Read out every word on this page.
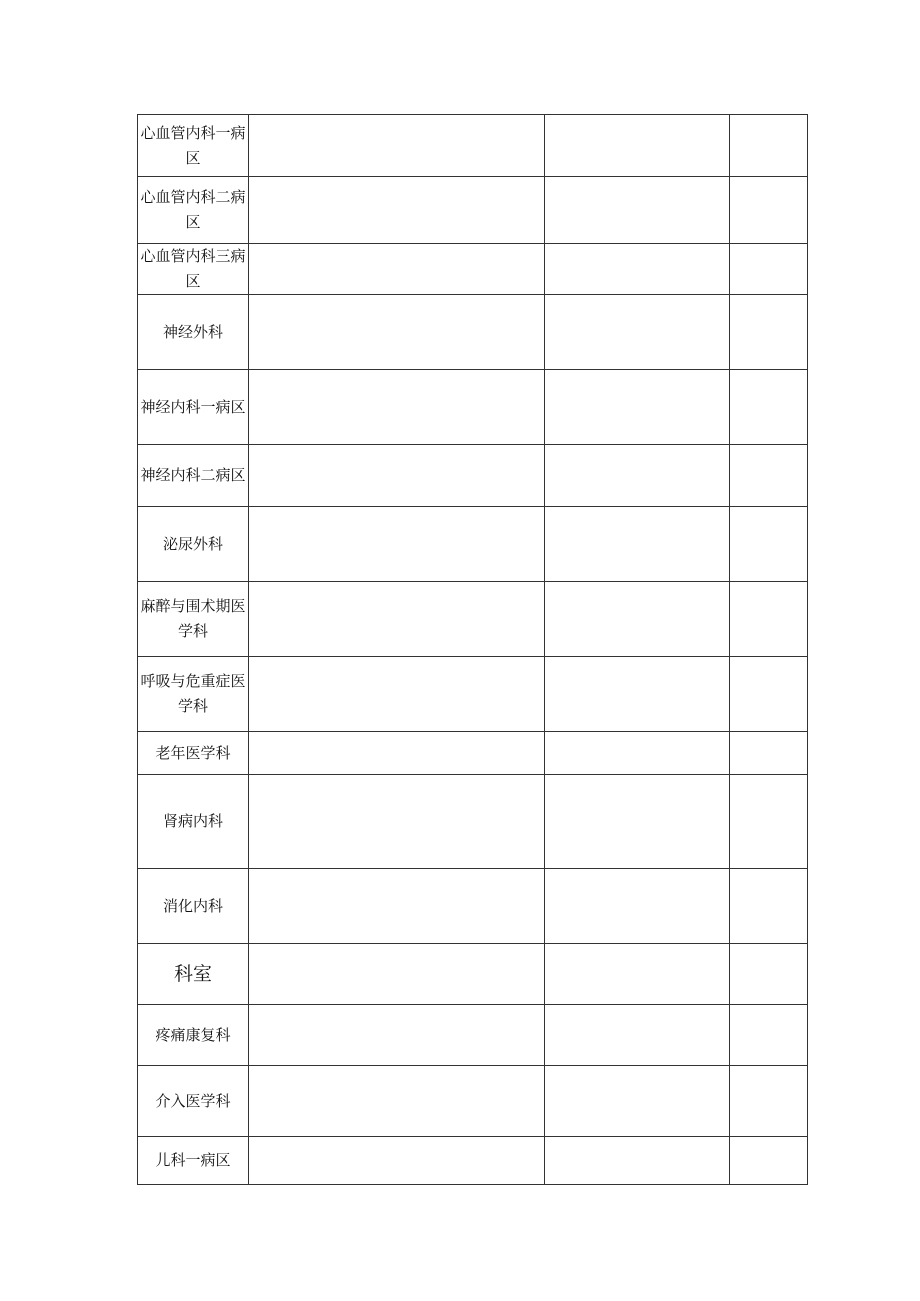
心血管内科一病区			
心血管内科二病区			
心血管内科三病区			
神经外科			
神经内科一病区			
神经内科二病区			
泌尿外科			
麻醉与围术期医学科			
呼吸与危重症医学科			
老年医学科			
肾病内科			
消化内科			
科室			
疼痛康复科			
介入医学科			
儿科一病区			
